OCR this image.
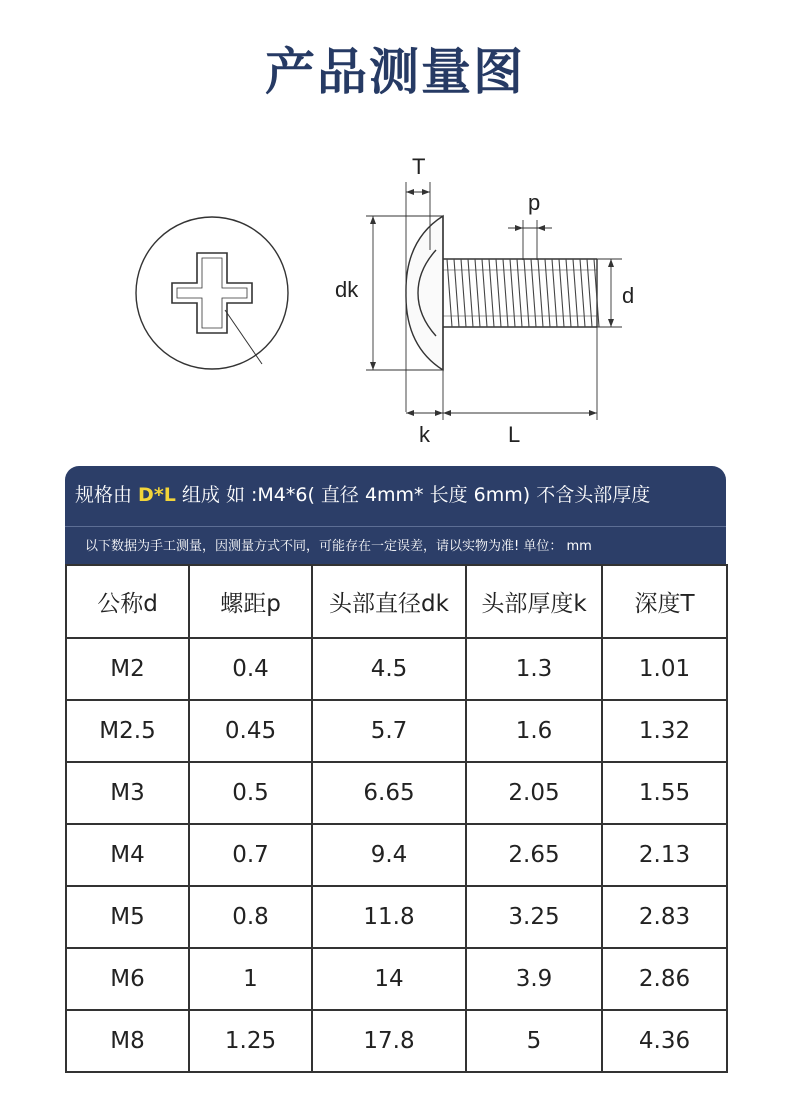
产品测量图
T
p
dk	d
k	L
规格由 D*L 组成 如 :M4*6( 直径 4mm* 长度 6mm) 不含头部厚度
以下数据为手工测量，因测量方式不同，可能存在一定误差，请以实物为准! 单位： mm
公称d	螺距p	头部直径dk	头部厚度k	深度T
M2	0.4	4.5	1.3	1.01
M2.5	0.45	5.7	1.6	1.32
M3	0.5	6.65	2.05	1.55
M4	0.7	9.4	2.65	2.13
M5	0.8	11.8	3.25	2.83
M6	1	14	3.9	2.86
M8	1.25	17.8	5	4.36
